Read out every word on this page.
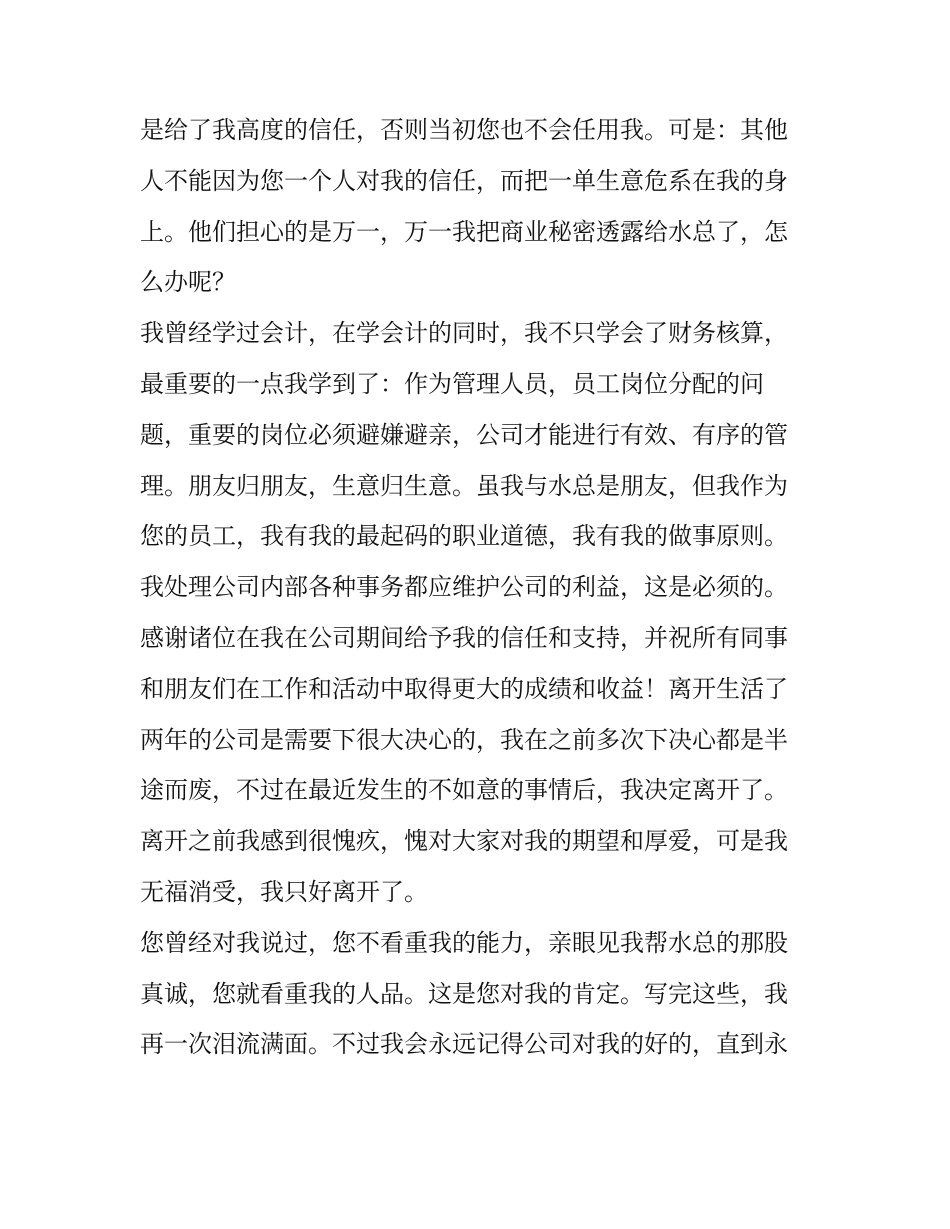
是给了我高度的信任，否则当初您也不会任用我。可是：其他
人不能因为您一个人对我的信任，而把一单生意危系在我的身
上。他们担心的是万一，万一我把商业秘密透露给水总了，怎
么办呢？
我曾经学过会计，在学会计的同时，我不只学会了财务核算，
最重要的一点我学到了：作为管理人员，员工岗位分配的问
题，重要的岗位必须避嫌避亲，公司才能进行有效、有序的管
理。朋友归朋友，生意归生意。虽我与水总是朋友，但我作为
您的员工，我有我的最起码的职业道德，我有我的做事原则。
我处理公司内部各种事务都应维护公司的利益，这是必须的。
感谢诸位在我在公司期间给予我的信任和支持，并祝所有同事
和朋友们在工作和活动中取得更大的成绩和收益！离开生活了
两年的公司是需要下很大决心的，我在之前多次下决心都是半
途而废，不过在最近发生的不如意的事情后，我决定离开了。
离开之前我感到很愧疚，愧对大家对我的期望和厚爱，可是我
无福消受，我只好离开了。
您曾经对我说过，您不看重我的能力，亲眼见我帮水总的那股
真诚，您就看重我的人品。这是您对我的肯定。写完这些，我
再一次泪流满面。不过我会永远记得公司对我的好的，直到永
